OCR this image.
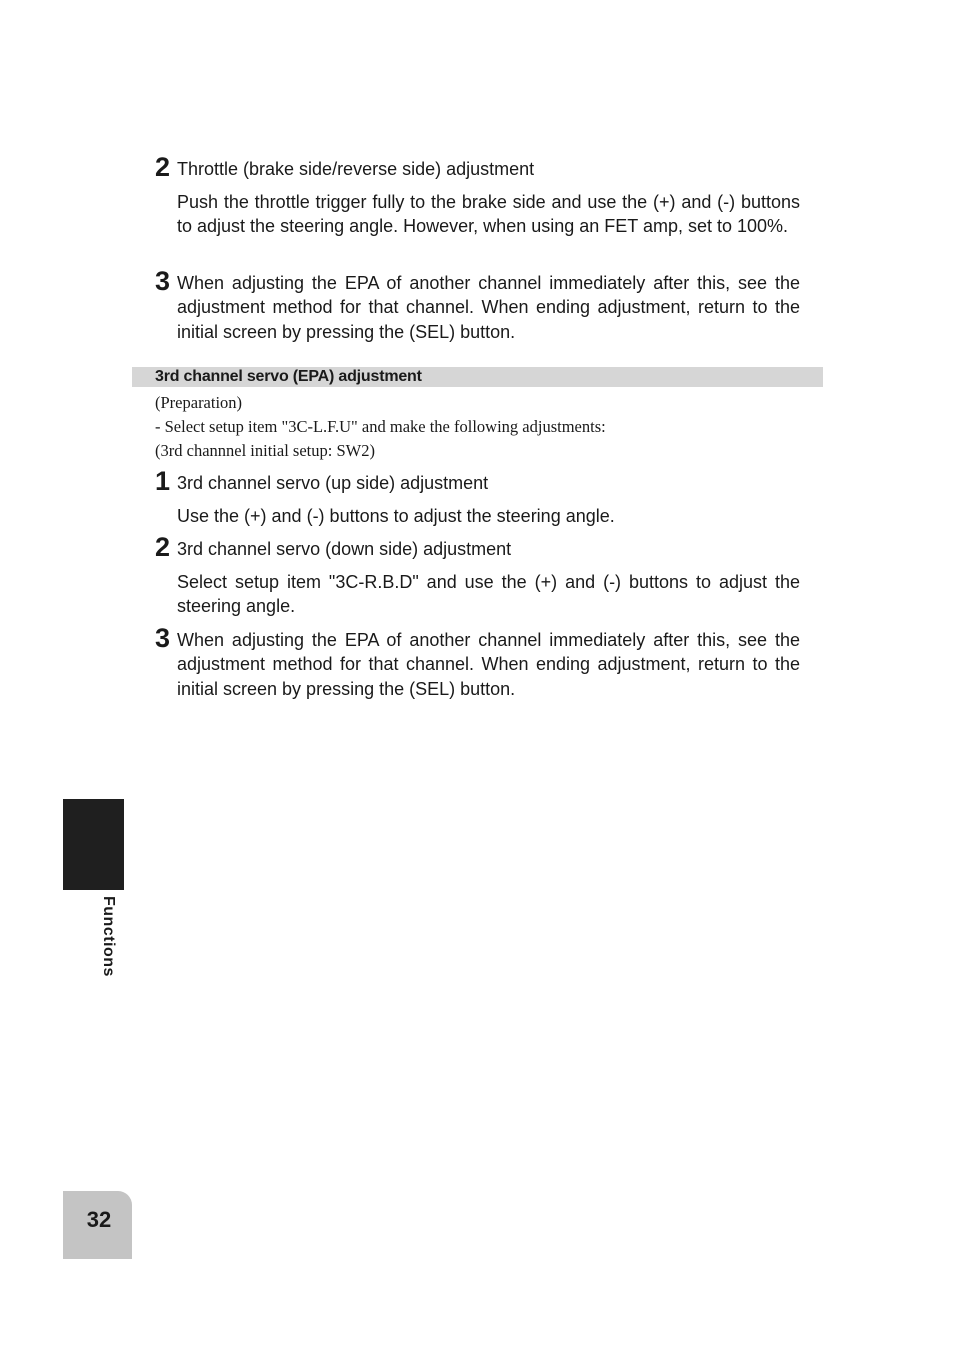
2 Throttle (brake side/reverse side) adjustment
Push the throttle trigger fully to the brake side and use the (+) and (-) buttons to adjust the steering angle. However, when using an FET amp, set to 100%.
3 When adjusting the EPA of another channel immediately after this, see the adjustment method for that channel. When ending adjustment, return to the initial screen by pressing the (SEL) button.
3rd channel servo (EPA) adjustment
(Preparation)
- Select setup item "3C-L.F.U" and make the following adjustments:
(3rd channnel initial setup: SW2)
1 3rd channel servo (up side) adjustment
Use the (+) and (-) buttons to adjust the steering angle.
2 3rd channel servo (down side) adjustment
Select setup item "3C-R.B.D" and use the (+) and (-) buttons to adjust the steering angle.
3 When adjusting the EPA of another channel immediately after this, see the adjustment method for that channel. When ending adjustment, return to the initial screen by pressing the (SEL) button.
Functions
32
